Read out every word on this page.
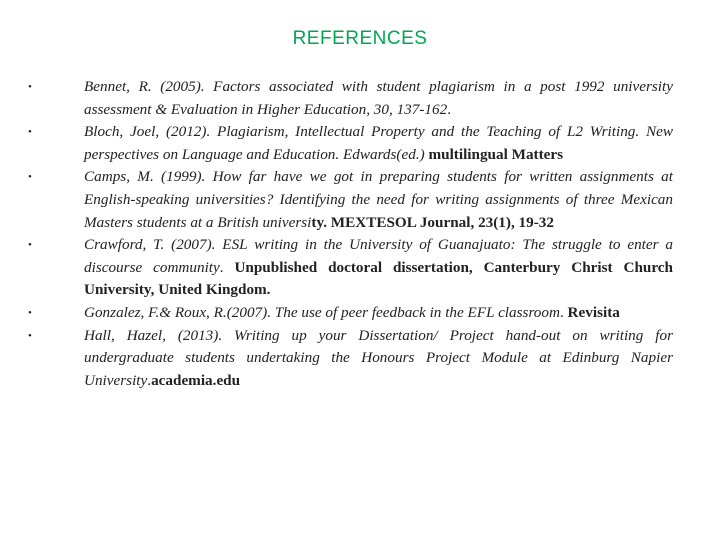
REFERENCES
•	Bennet, R. (2005). Factors associated with student plagiarism in a post 1992 university assessment & Evaluation in Higher Education, 30, 137-162.
•	Bloch, Joel, (2012). Plagiarism, Intellectual Property and the Teaching of L2 Writing. New perspectives on Language and Education. Edwards(ed.) multilingual Matters
•	Camps, M. (1999). How far have we got in preparing students for written assignments at English-speaking universities? Identifying the need for writing assignments of three Mexican Masters students at a British university. MEXTESOL Journal, 23(1), 19-32
•	Crawford, T. (2007). ESL writing in the University of Guanajuato: The struggle to enter a discourse community. Unpublished doctoral dissertation, Canterbury Christ Church University, United Kingdom.
•	Gonzalez, F.& Roux, R.(2007). The use of peer feedback in the EFL classroom. Revisita
•	Hall, Hazel, (2013). Writing up your Dissertation/ Project hand-out on writing for undergraduate students undertaking the Honours Project Module at Edinburg Napier University.academia.edu
